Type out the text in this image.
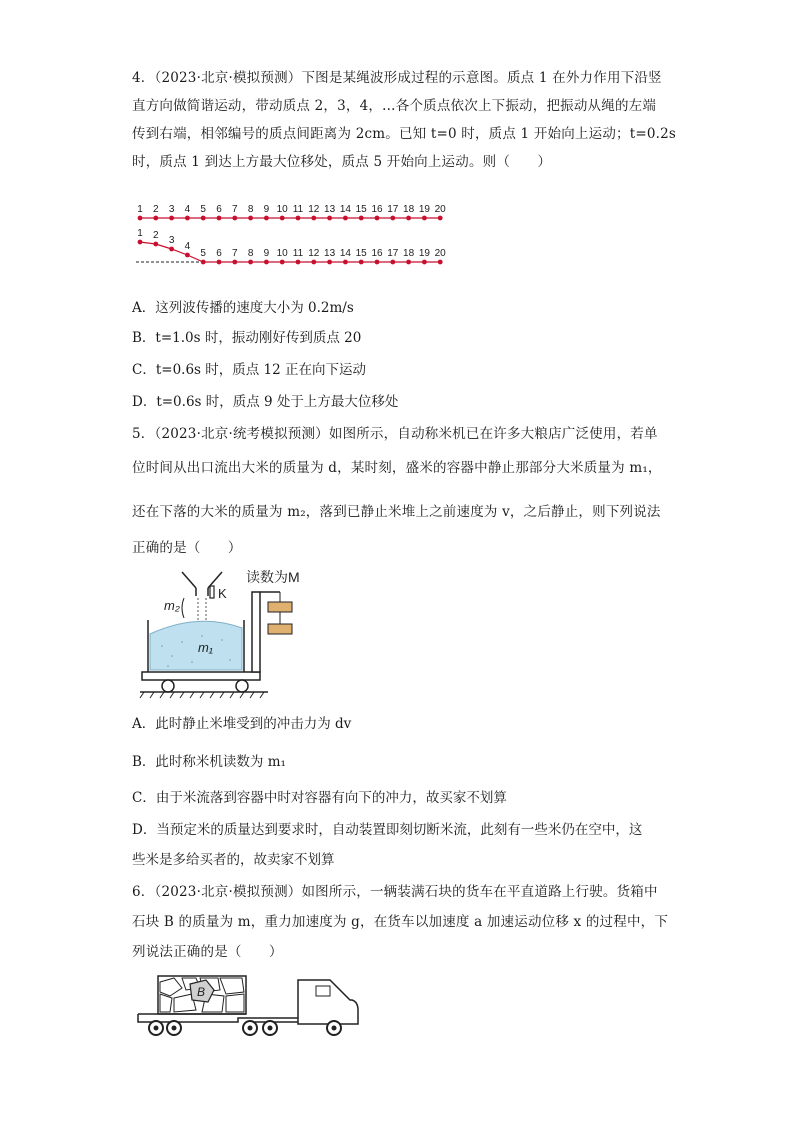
4．（2023·北京·模拟预测）下图是某绳波形成过程的示意图。质点 1 在外力作用下沿竖
直方向做简谐运动，带动质点 2，3，4，…各个质点依次上下振动，把振动从绳的左端
传到右端，相邻编号的质点间距离为 2cm。已知 t=0 时，质点 1 开始向上运动；t=0.2s
时，质点 1 到达上方最大位移处，质点 5 开始向上运动。则（　　）
1 2 3 4 5 6 7 8 9 10 11 12 13 14 15 16 17 18 19 20
1 2 3
4
5 6 7 8 9 10 11 12 13 14 15 16 17 18 19 20
A．这列波传播的速度大小为 0.2m/s
B．t=1.0s 时，振动刚好传到质点 20
C．t=0.6s 时，质点 12 正在向下运动
D．t=0.6s 时，质点 9 处于上方最大位移处
5．（2023·北京·统考模拟预测）如图所示，自动称米机已在许多大粮店广泛使用，若单
位时间从出口流出大米的质量为 d，某时刻，盛米的容器中静止那部分大米质量为 m₁，
还在下落的大米的质量为 m₂，落到已静止米堆上之前速度为 v，之后静止，则下列说法
正确的是（　　）
K
m₂
m₁
读数为M
A．此时静止米堆受到的冲击力为 dv
B．此时称米机读数为 m₁
C．由于米流落到容器中时对容器有向下的冲力，故买家不划算
D．当预定米的质量达到要求时，自动装置即刻切断米流，此刻有一些米仍在空中，这
些米是多给买者的，故卖家不划算
6．（2023·北京·模拟预测）如图所示，一辆装满石块的货车在平直道路上行驶。货箱中
石块 B 的质量为 m，重力加速度为 g，在货车以加速度 a 加速运动位移 x 的过程中，下
列说法正确的是（　　）
B
